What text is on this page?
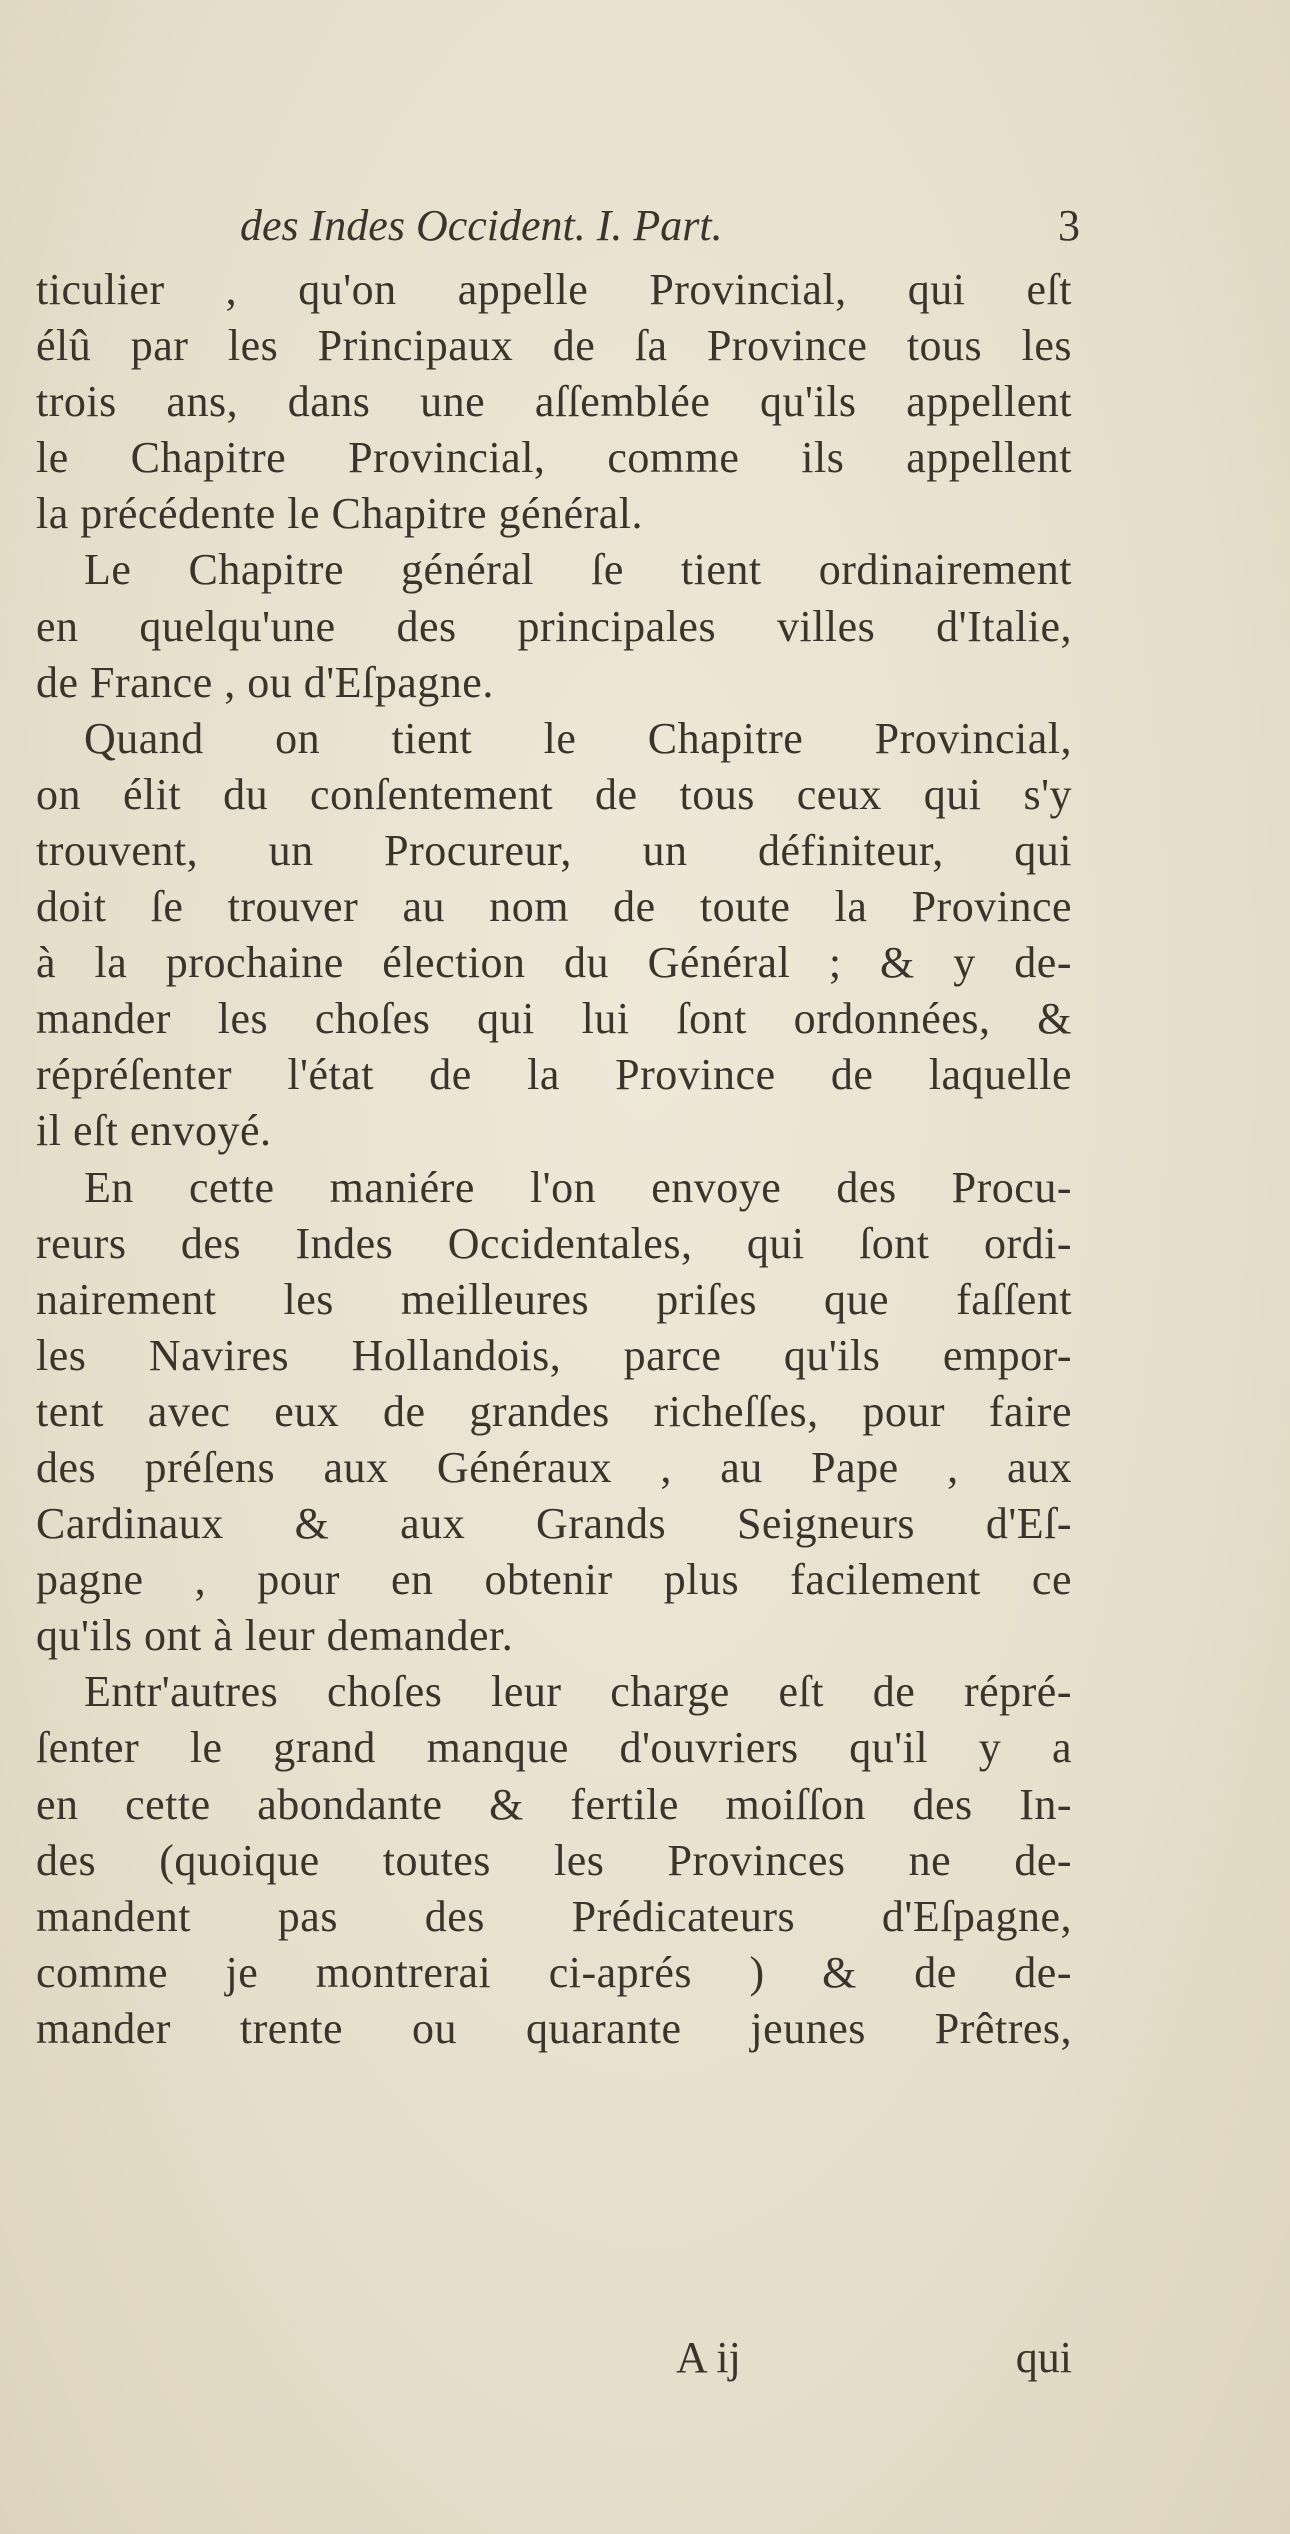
des Indes Occident. I. Part.	3
ticulier , qu'on appelle Provincial, qui eſt
élû par les Principaux de ſa Province tous les
trois ans, dans une aſſemblée qu'ils appellent
le Chapitre Provincial, comme ils appellent
la précédente le Chapitre général.
Le Chapitre général ſe tient ordinairement
en quelqu'une des principales villes d'Italie,
de France , ou d'Eſpagne.
Quand on tient le Chapitre Provincial,
on élit du conſentement de tous ceux qui s'y
trouvent, un Procureur, un définiteur, qui
doit ſe trouver au nom de toute la Province
à la prochaine élection du Général ; & y de-
mander les choſes qui lui ſont ordonnées, &
répréſenter l'état de la Province de laquelle
il eſt envoyé.
En cette maniére l'on envoye des Procu-
reurs des Indes Occidentales, qui ſont ordi-
nairement les meilleures priſes que faſſent
les Navires Hollandois, parce qu'ils empor-
tent avec eux de grandes richeſſes, pour faire
des préſens aux Généraux , au Pape , aux
Cardinaux & aux Grands Seigneurs d'Eſ-
pagne , pour en obtenir plus facilement ce
qu'ils ont à leur demander.
Entr'autres choſes leur charge eſt de répré-
ſenter le grand manque d'ouvriers qu'il y a
en cette abondante & fertile moiſſon des In-
des (quoique toutes les Provinces ne de-
mandent pas des Prédicateurs d'Eſpagne,
comme je montrerai ci-aprés ) & de de-
mander trente ou quarante jeunes Prêtres,
A ij	qui
